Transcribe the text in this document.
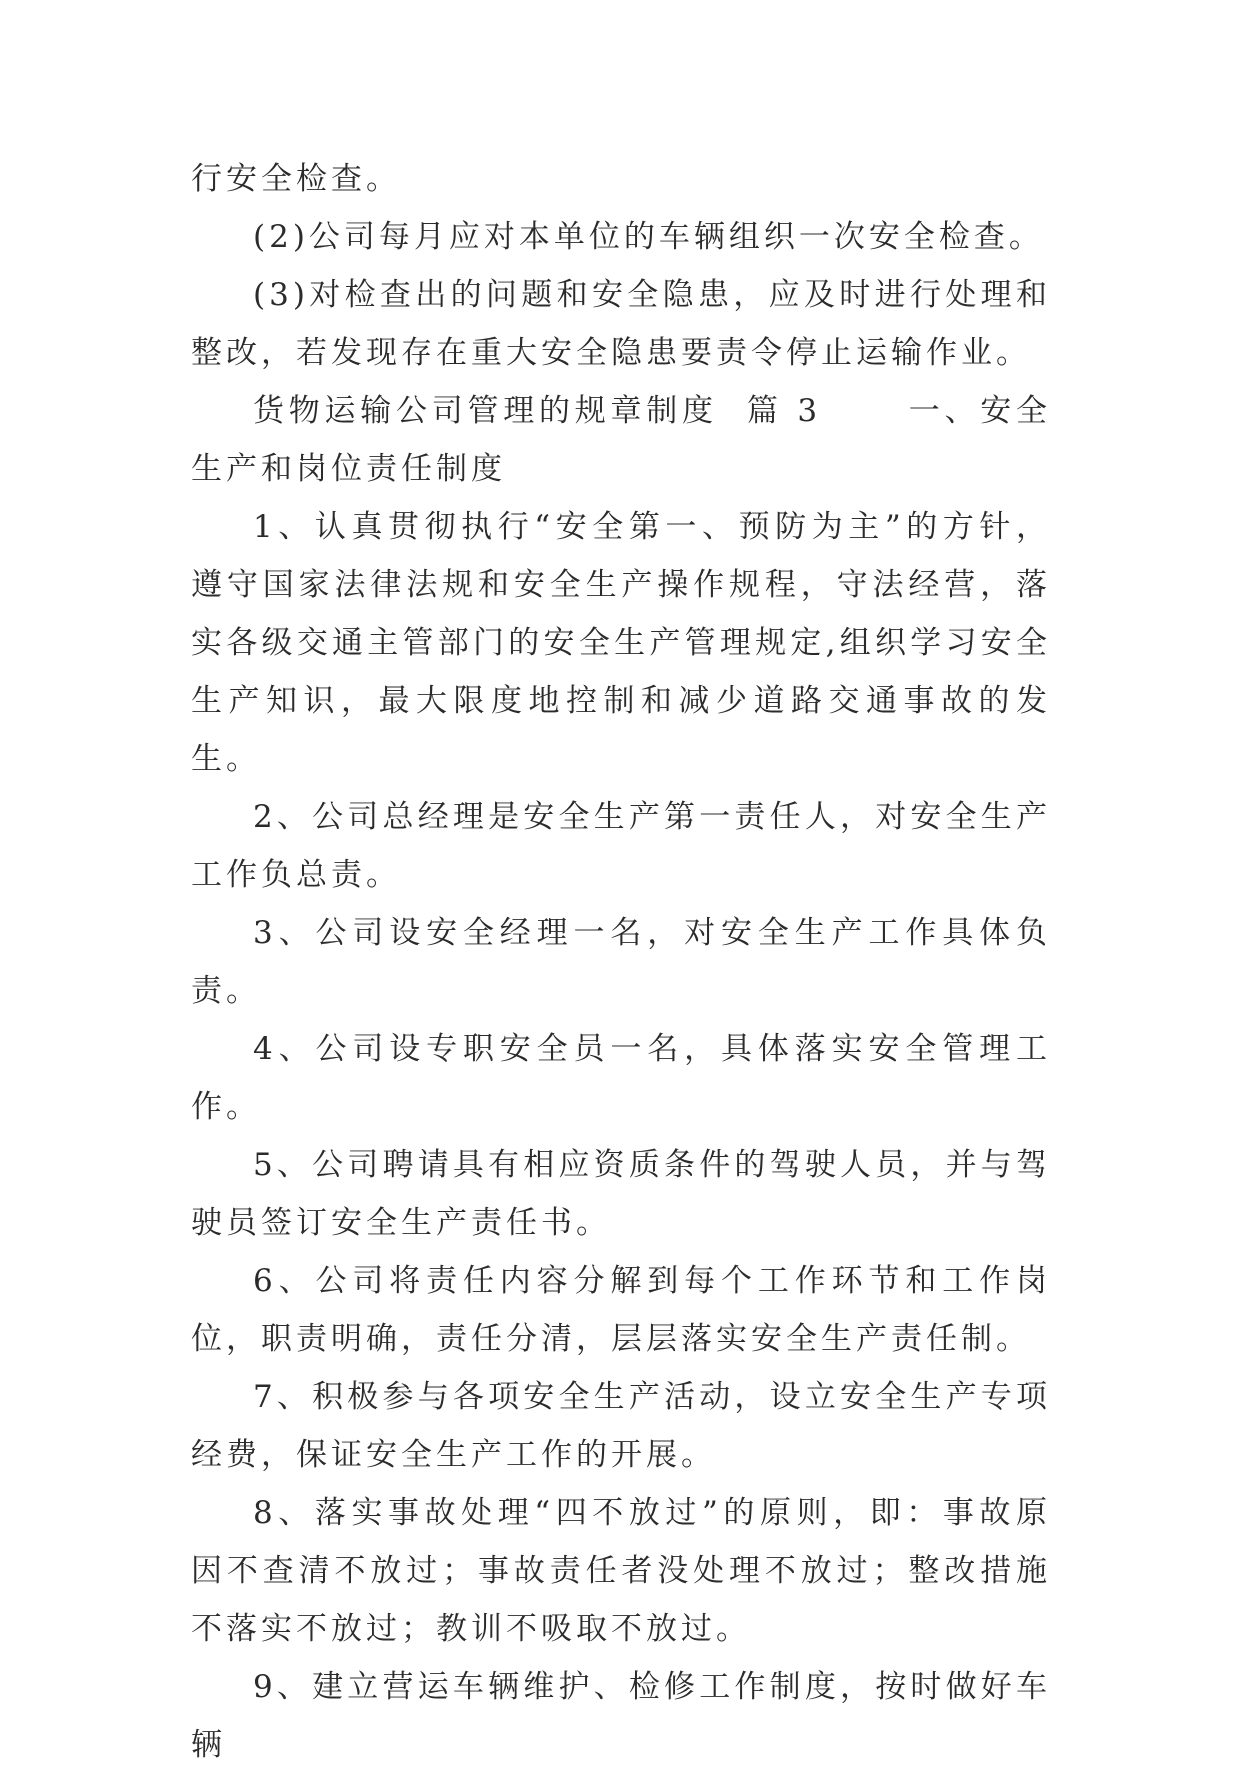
行安全检查。

(2)公司每月应对本单位的车辆组织一次安全检查。

(3)对检查出的问题和安全隐患，应及时进行处理和整改，若发现存在重大安全隐患要责令停止运输作业。

货物运输公司管理的规章制度  篇 3      一、安全生产和岗位责任制度

1、认真贯彻执行“安全第一、预防为主”的方针，遵守国家法律法规和安全生产操作规程，守法经营，落实各级交通主管部门的安全生产管理规定,组织学习安全生产知识，最大限度地控制和减少道路交通事故的发生。

2、公司总经理是安全生产第一责任人，对安全生产工作负总责。

3、公司设安全经理一名，对安全生产工作具体负责。

4、公司设专职安全员一名，具体落实安全管理工作。

5、公司聘请具有相应资质条件的驾驶人员，并与驾驶员签订安全生产责任书。

6、公司将责任内容分解到每个工作环节和工作岗位，职责明确，责任分清，层层落实安全生产责任制。

7、积极参与各项安全生产活动，设立安全生产专项经费，保证安全生产工作的开展。

8、落实事故处理“四不放过”的原则，即：事故原因不查清不放过；事故责任者没处理不放过；整改措施不落实不放过；教训不吸取不放过。

9、建立营运车辆维护、检修工作制度，按时做好车辆
